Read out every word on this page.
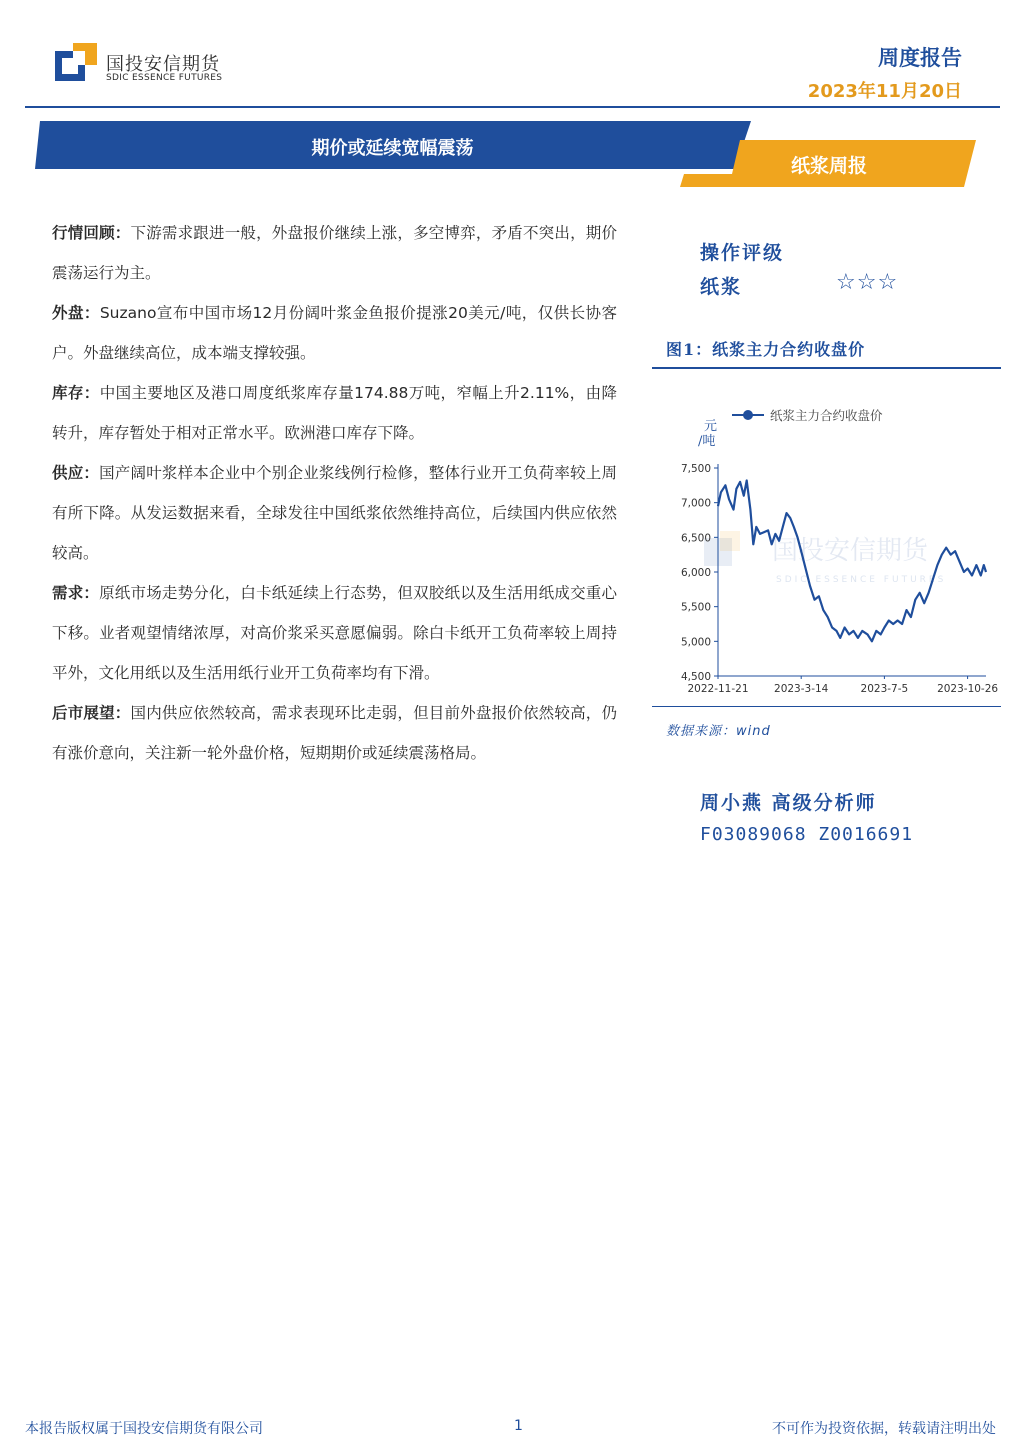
国投安信期货
SDIC ESSENCE FUTURES
周度报告
2023年11月20日
期价或延续宽幅震荡
纸浆周报

行情回顾：下游需求跟进一般，外盘报价继续上涨，多空博弈，矛盾不突出，期价震荡运行为主。

外盘：Suzano宣布中国市场12月份阔叶浆金鱼报价提涨20美元/吨，仅供长协客户。外盘继续高位，成本端支撑较强。

库存：中国主要地区及港口周度纸浆库存量174.88万吨，窄幅上升2.11%，由降转升，库存暂处于相对正常水平。欧洲港口库存下降。

供应：国产阔叶浆样本企业中个别企业浆线例行检修，整体行业开工负荷率较上周有所下降。从发运数据来看，全球发往中国纸浆依然维持高位，后续国内供应依然较高。

需求：原纸市场走势分化，白卡纸延续上行态势，但双胶纸以及生活用纸成交重心下移。业者观望情绪浓厚，对高价浆采买意愿偏弱。除白卡纸开工负荷率较上周持平外，文化用纸以及生活用纸行业开工负荷率均有下滑。

后市展望：国内供应依然较高，需求表现环比走弱，但目前外盘报价依然较高，仍有涨价意向，关注新一轮外盘价格，短期期价或延续震荡格局。

操作评级
纸浆	☆☆☆
图1：纸浆主力合约收盘价
国投安信期货
SDIC ESSENCE FUTURES
4,500
5,000
5,500
6,000
6,500
7,000
7,500
2022-11-21 2023-3-14	2023-7-5	2023-10-26
纸浆主力合约收盘价
元
/吨
数据来源：wind
周小燕 高级分析师
F03089068 Z0016691
本报告版权属于国投安信期货有限公司	1	不可作为投资依据，转载请注明出处
